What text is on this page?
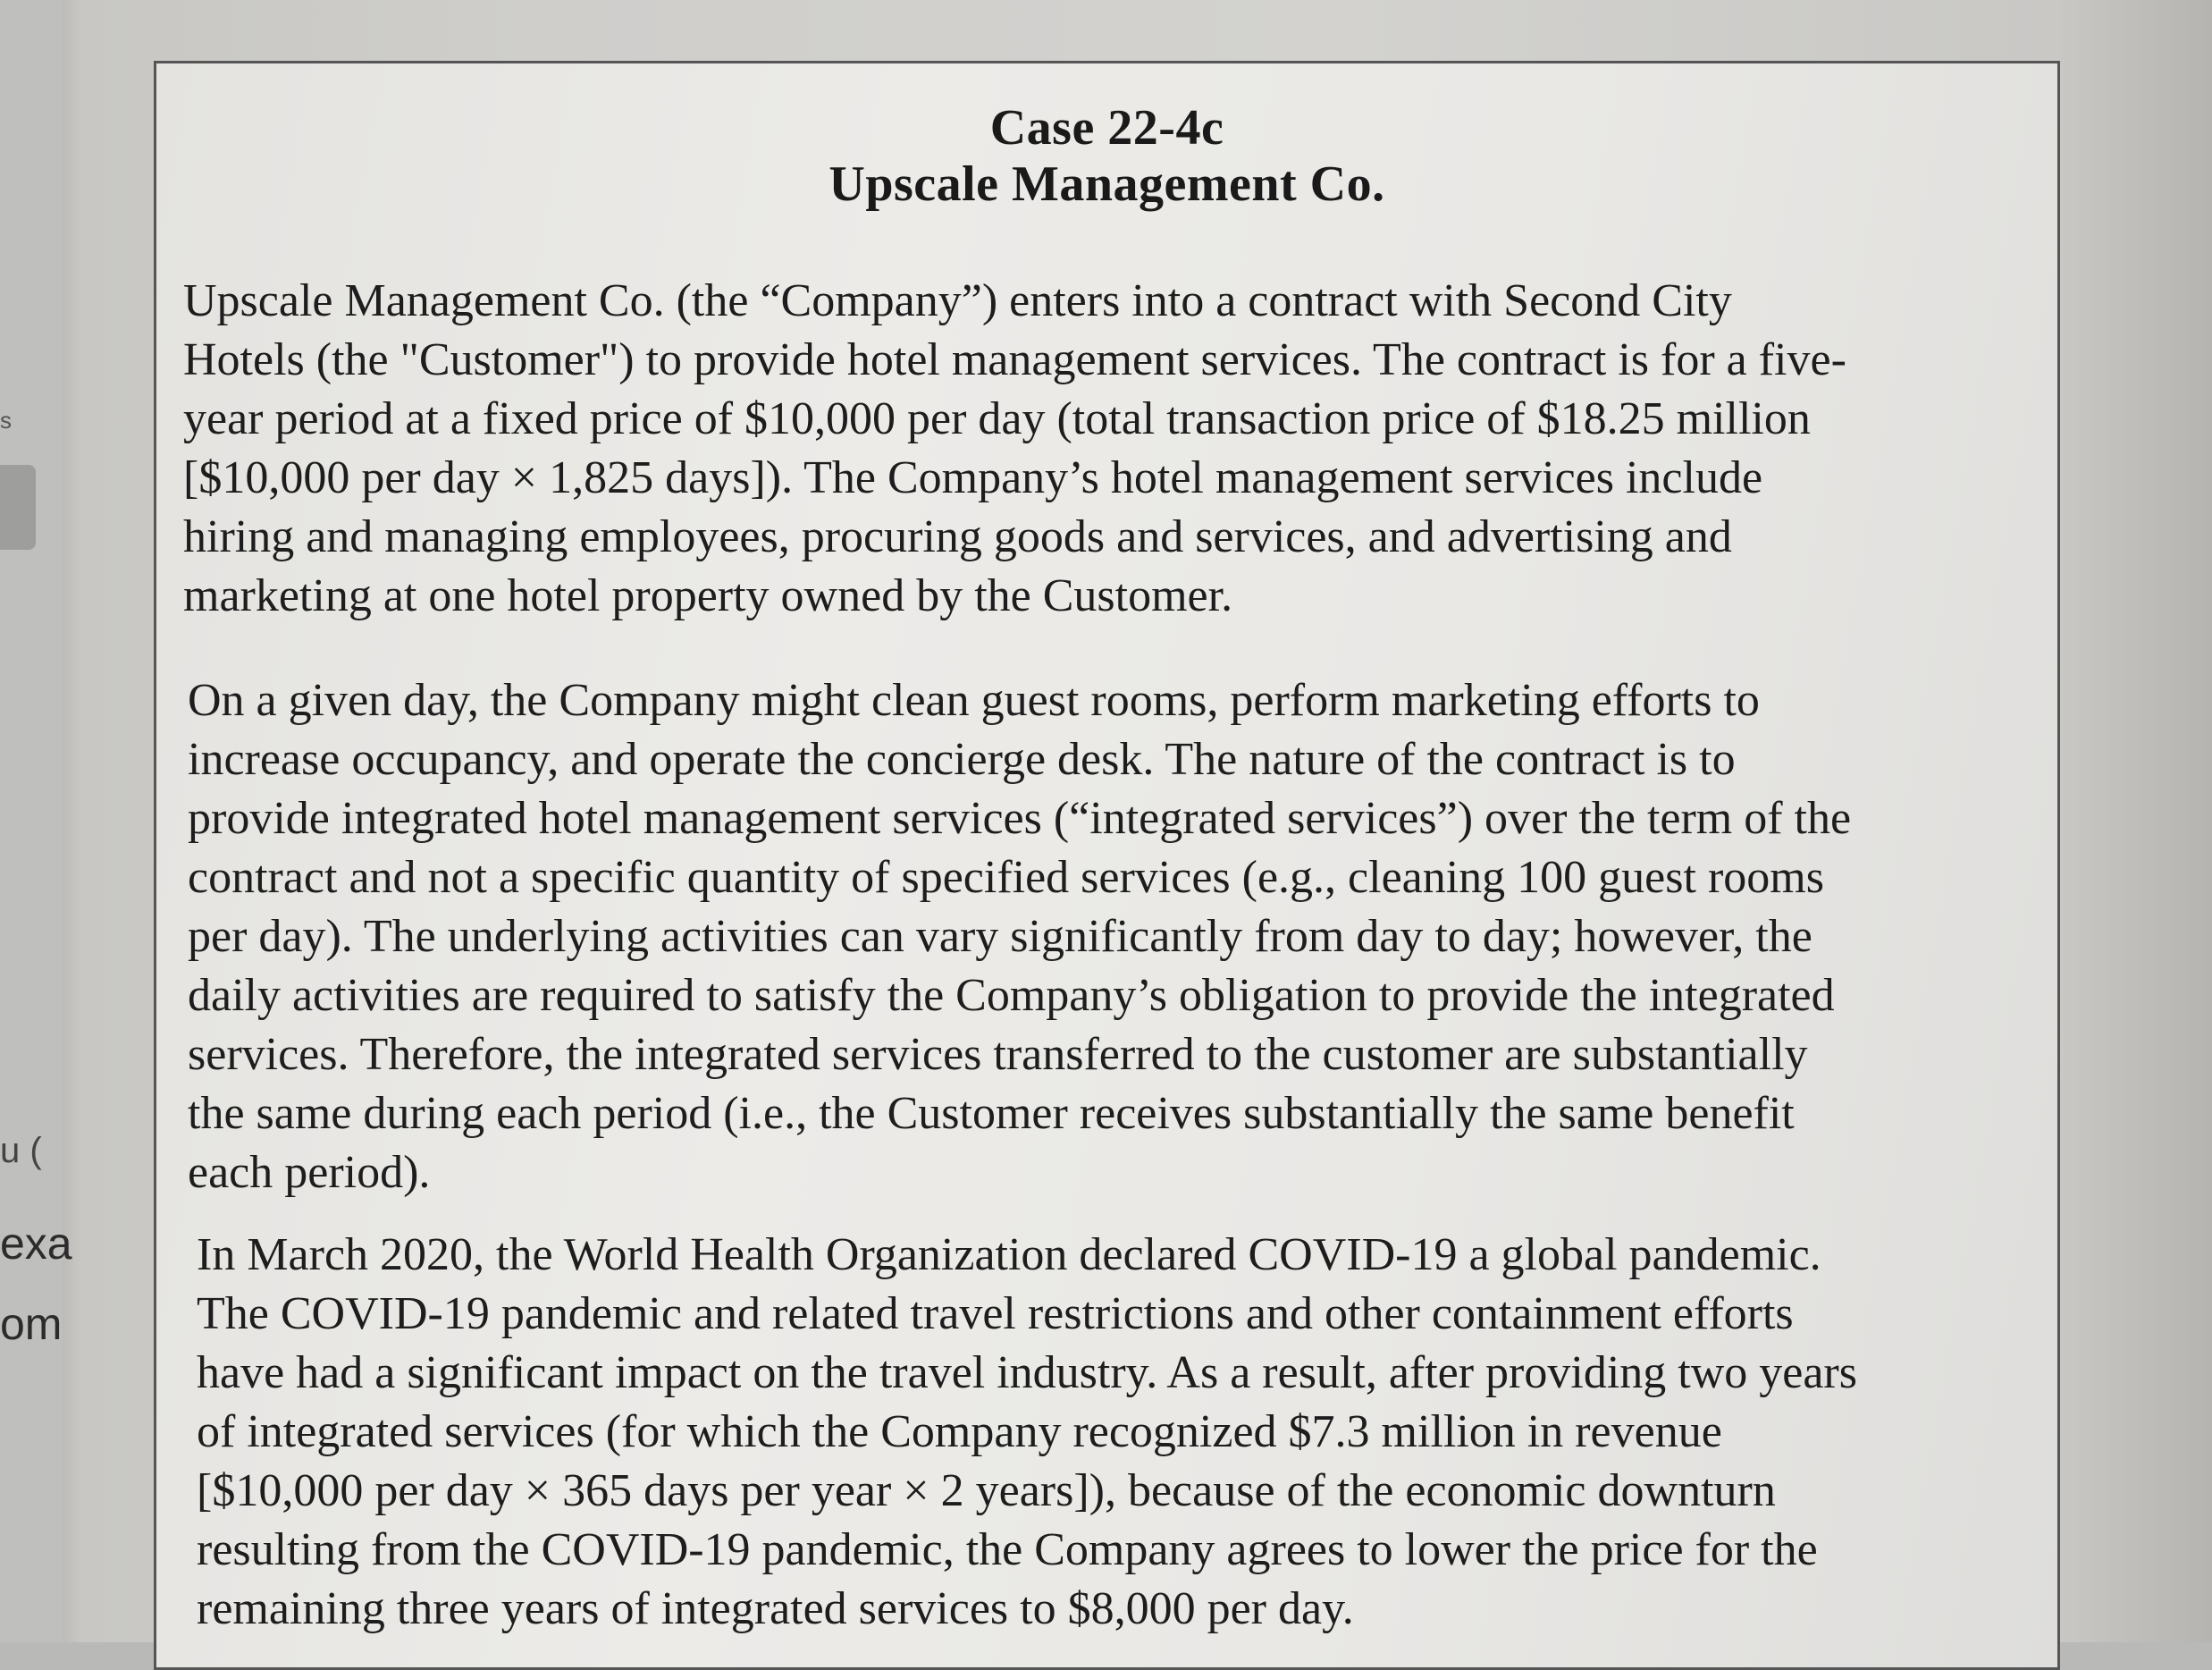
s
u (
exa
om
Case 22-4c
Upscale Management Co.
Upscale Management Co. (the “Company”) enters into a contract with Second City
Hotels (the "Customer") to provide hotel management services. The contract is for a five-
year period at a fixed price of $10,000 per day (total transaction price of $18.25 million
[$10,000 per day × 1,825 days]). The Company’s hotel management services include
hiring and managing employees, procuring goods and services, and advertising and
marketing at one hotel property owned by the Customer.
On a given day, the Company might clean guest rooms, perform marketing efforts to
increase occupancy, and operate the concierge desk. The nature of the contract is to
provide integrated hotel management services (“integrated services”) over the term of the
contract and not a specific quantity of specified services (e.g., cleaning 100 guest rooms
per day). The underlying activities can vary significantly from day to day; however, the
daily activities are required to satisfy the Company’s obligation to provide the integrated
services. Therefore, the integrated services transferred to the customer are substantially
the same during each period (i.e., the Customer receives substantially the same benefit
each period).
In March 2020, the World Health Organization declared COVID-19 a global pandemic.
The COVID-19 pandemic and related travel restrictions and other containment efforts
have had a significant impact on the travel industry. As a result, after providing two years
of integrated services (for which the Company recognized $7.3 million in revenue
[$10,000 per day × 365 days per year × 2 years]), because of the economic downturn
resulting from the COVID-19 pandemic, the Company agrees to lower the price for the
remaining three years of integrated services to $8,000 per day.
